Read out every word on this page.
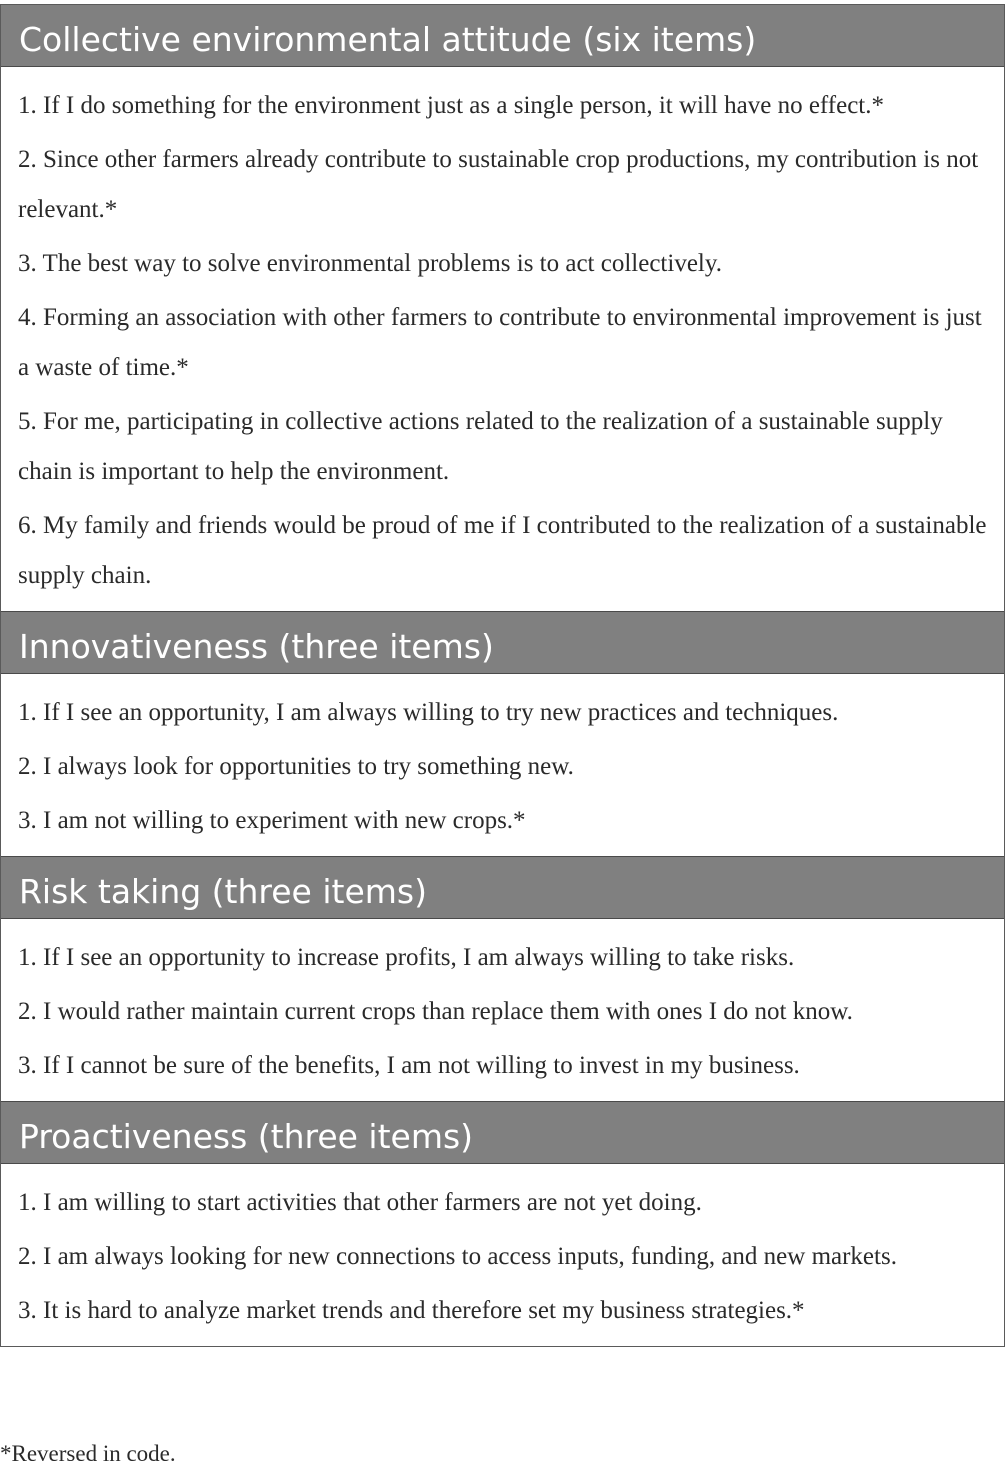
Collective environmental attitude (six items)
1. If I do something for the environment just as a single person, it will have no effect.*
2. Since other farmers already contribute to sustainable crop productions, my contribution is not relevant.*
3. The best way to solve environmental problems is to act collectively.
4. Forming an association with other farmers to contribute to environmental improvement is just a waste of time.*
5. For me, participating in collective actions related to the realization of a sustainable supply chain is important to help the environment.
6. My family and friends would be proud of me if I contributed to the realization of a sustainable supply chain.
Innovativeness (three items)
1. If I see an opportunity, I am always willing to try new practices and techniques.
2. I always look for opportunities to try something new.
3. I am not willing to experiment with new crops.*
Risk taking (three items)
1. If I see an opportunity to increase profits, I am always willing to take risks.
2. I would rather maintain current crops than replace them with ones I do not know.
3. If I cannot be sure of the benefits, I am not willing to invest in my business.
Proactiveness (three items)
1. I am willing to start activities that other farmers are not yet doing.
2. I am always looking for new connections to access inputs, funding, and new markets.
3. It is hard to analyze market trends and therefore set my business strategies.*
*Reversed in code.
